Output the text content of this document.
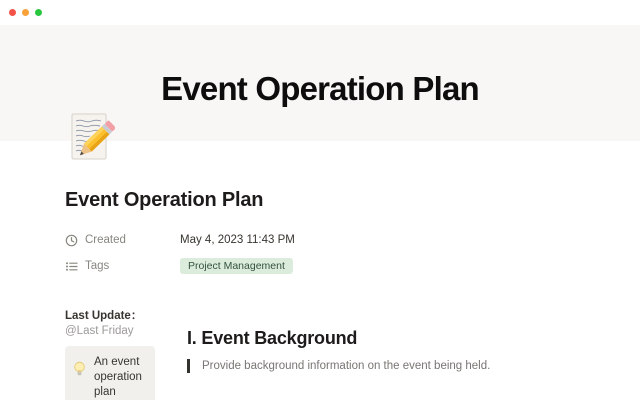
Event Operation Plan
Event Operation Plan
Created	May 4, 2023 11:43 PM
Tags	Project Management
Last Update：
@Last Friday
An event operation plan
I. Event Background
Provide background information on the event being held.
